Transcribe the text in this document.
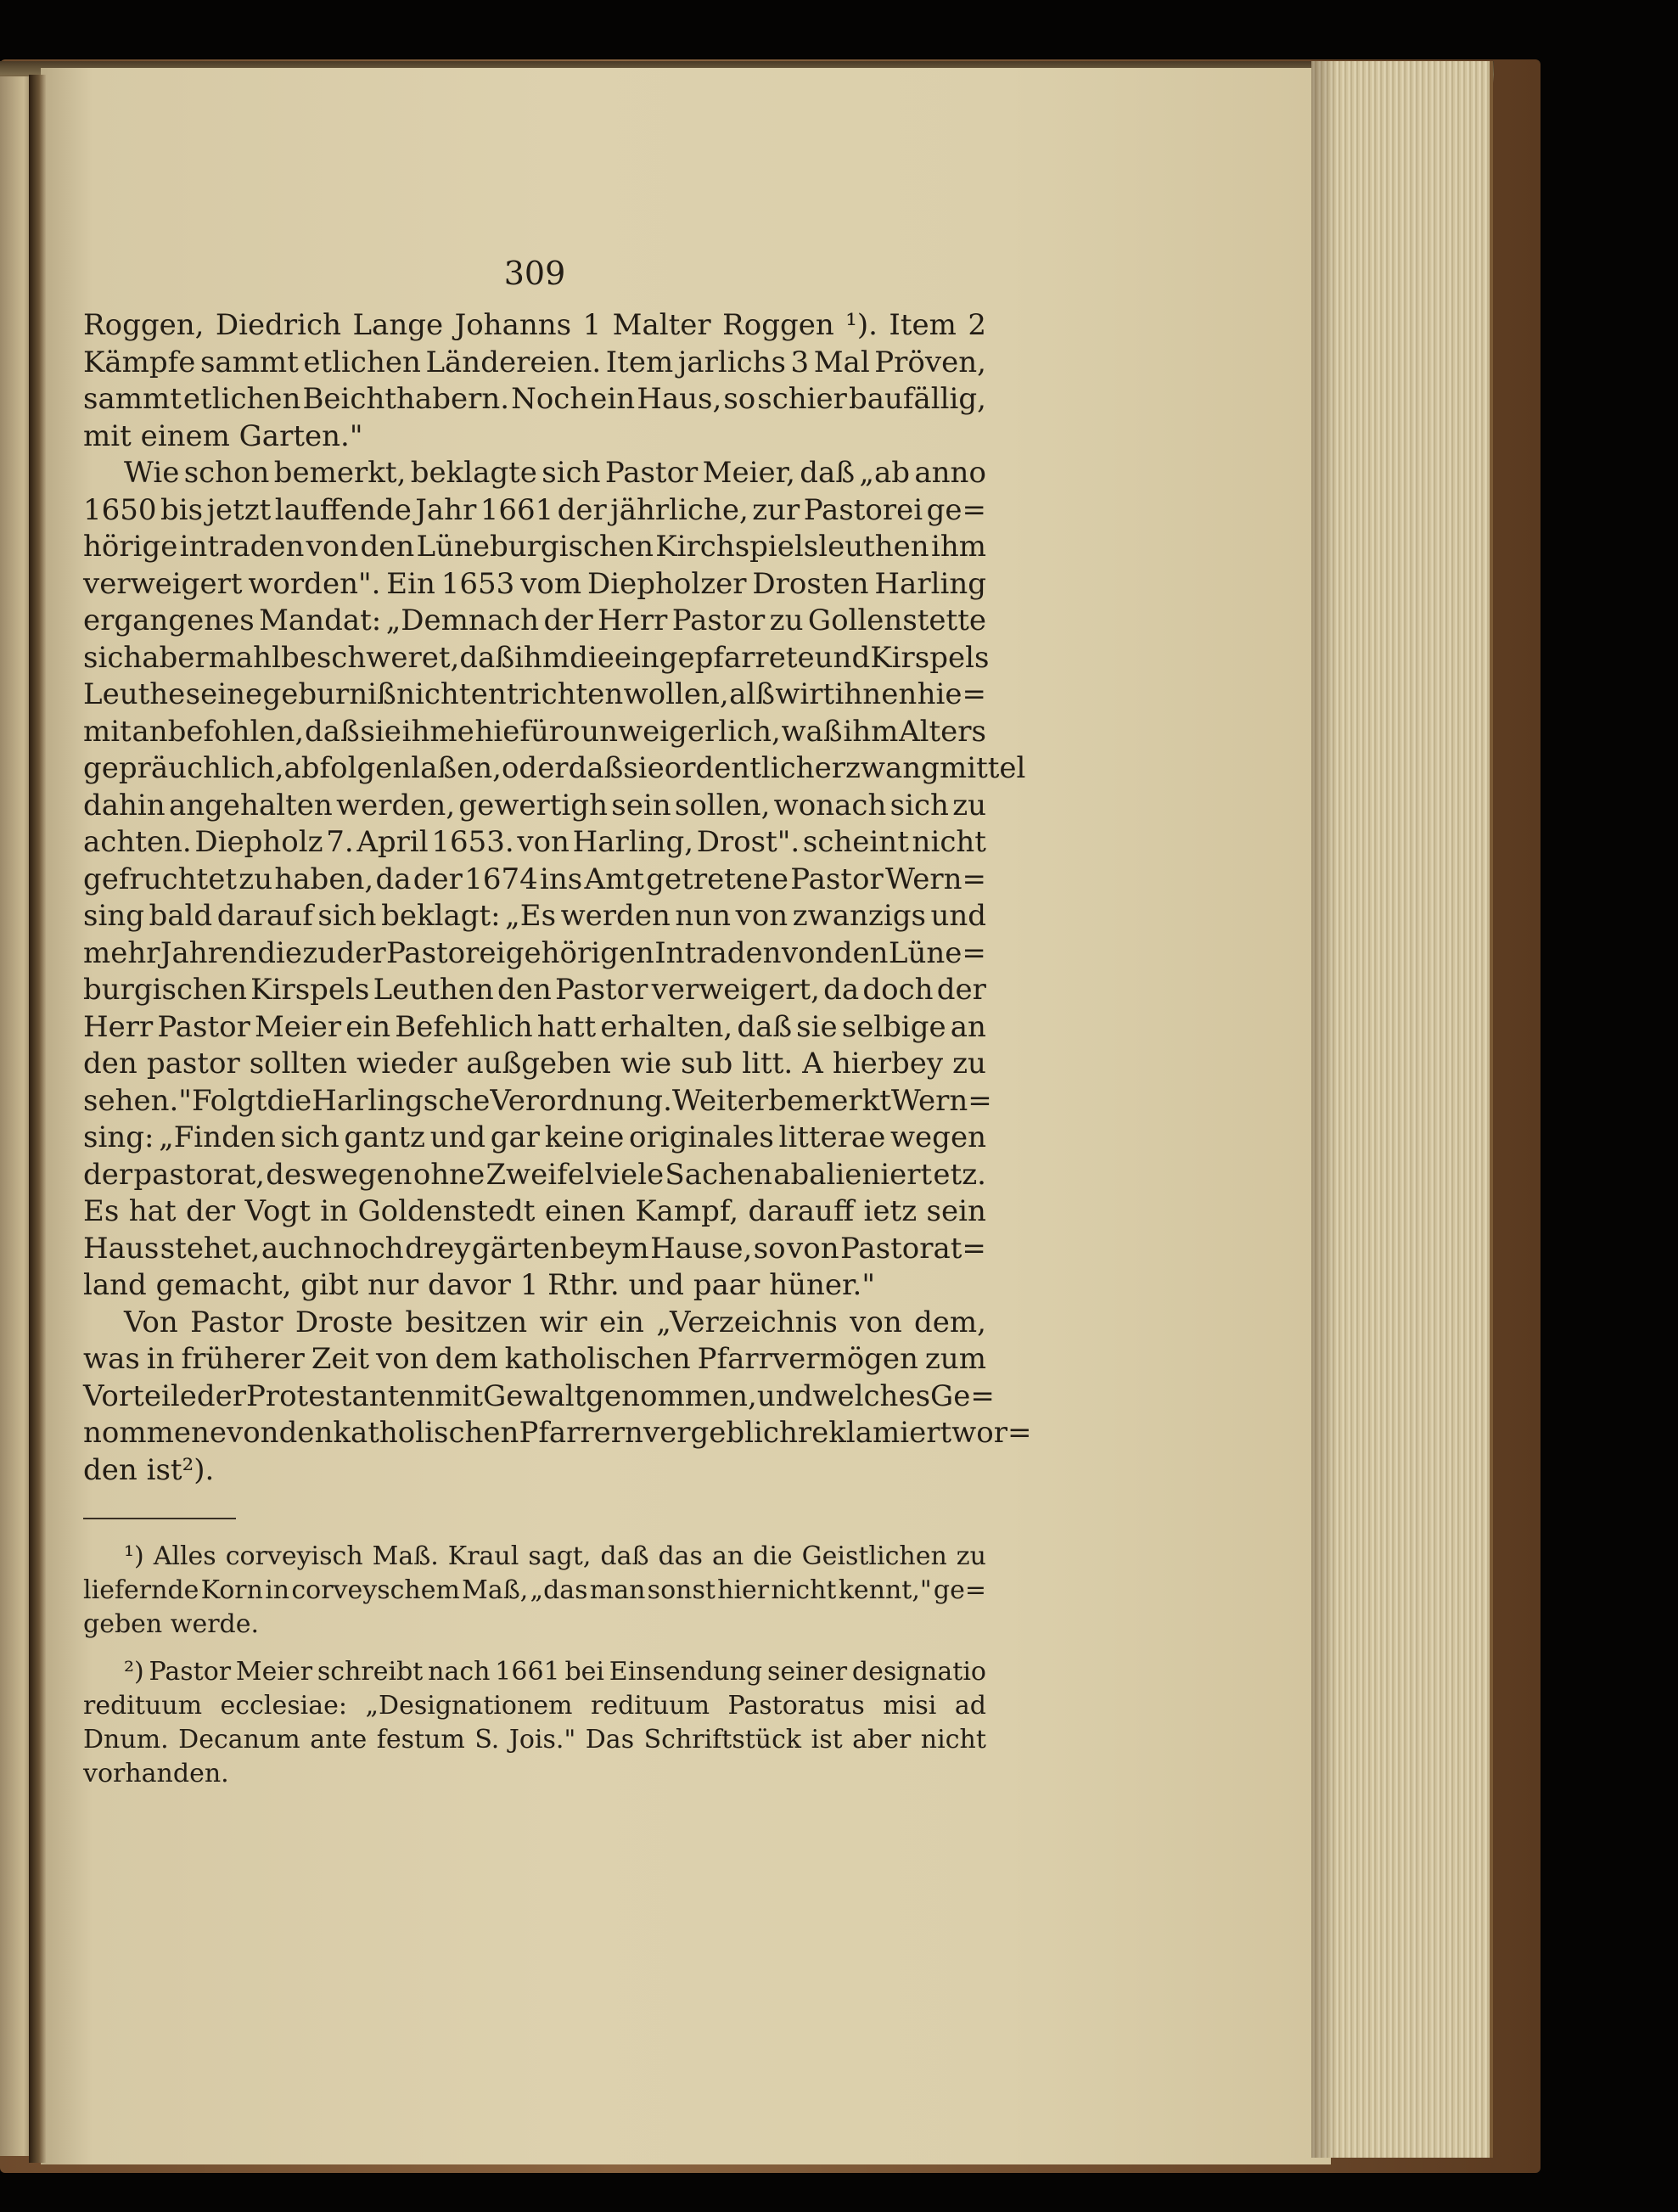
309
Roggen, Diedrich Lange Johanns 1 Malter Roggen ¹). Item 2
Kämpfe sammt etlichen Ländereien. Item jarlichs 3 Mal Pröven,
sammt etlichen Beichthabern. Noch ein Haus, so schier baufällig,
mit einem Garten."
Wie schon bemerkt, beklagte sich Pastor Meier, daß „ab anno
1650 bis jetzt lauffende Jahr 1661 der jährliche, zur Pastorei ge=
hörige intraden von den Lüneburgischen Kirchspielsleuthen ihm
verweigert worden". Ein 1653 vom Diepholzer Drosten Harling
ergangenes Mandat: „Demnach der Herr Pastor zu Gollenstette
sich abermahl beschweret, daß ihm die eingepfarrete und Kirspels
Leuthe seine geburniß nicht entrichten wollen, alß wirt ihnen hie=
mit anbefohlen, daß sie ihme hiefüro unweigerlich, waß ihm Alters
gepräuchlich, abfolgen laßen, oder daß sie ordentlicher zwangmittel
dahin angehalten werden, gewertigh sein sollen, wonach sich zu
achten. Diepholz 7. April 1653. von Harling, Drost". scheint nicht
gefruchtet zu haben, da der 1674 ins Amt getretene Pastor Wern=
sing bald darauf sich beklagt: „Es werden nun von zwanzigs und
mehr Jahren die zu der Pastorei gehörigen Intraden von den Lüne=
burgischen Kirspels Leuthen den Pastor verweigert, da doch der
Herr Pastor Meier ein Befehlich hatt erhalten, daß sie selbige an
den pastor sollten wieder außgeben wie sub litt. A hierbey zu
sehen." Folgt die Harlingsche Verordnung. Weiter bemerkt Wern=
sing: „Finden sich gantz und gar keine originales litterae wegen
der pastorat, deswegen ohne Zweifel viele Sachen abalieniert etz.
Es hat der Vogt in Goldenstedt einen Kampf, darauff ietz sein
Haus stehet, auch noch drey gärten beym Hause, so von Pastorat=
land gemacht, gibt nur davor 1 Rthr. und paar hüner."
Von Pastor Droste besitzen wir ein „Verzeichnis von dem,
was in früherer Zeit von dem katholischen Pfarrvermögen zum
Vorteile der Protestanten mit Gewalt genommen, und welches Ge=
nommene von den katholischen Pfarrern vergeblich reklamiert wor=
den ist²).
¹) Alles corveyisch Maß. Kraul sagt, daß das an die Geistlichen zu
liefernde Korn in corveyschem Maß, „das man sonst hier nicht kennt," ge=
geben werde.
²) Pastor Meier schreibt nach 1661 bei Einsendung seiner designatio
redituum ecclesiae: „Designationem redituum Pastoratus misi ad
Dnum. Decanum ante festum S. Jois." Das Schriftstück ist aber nicht
vorhanden.
